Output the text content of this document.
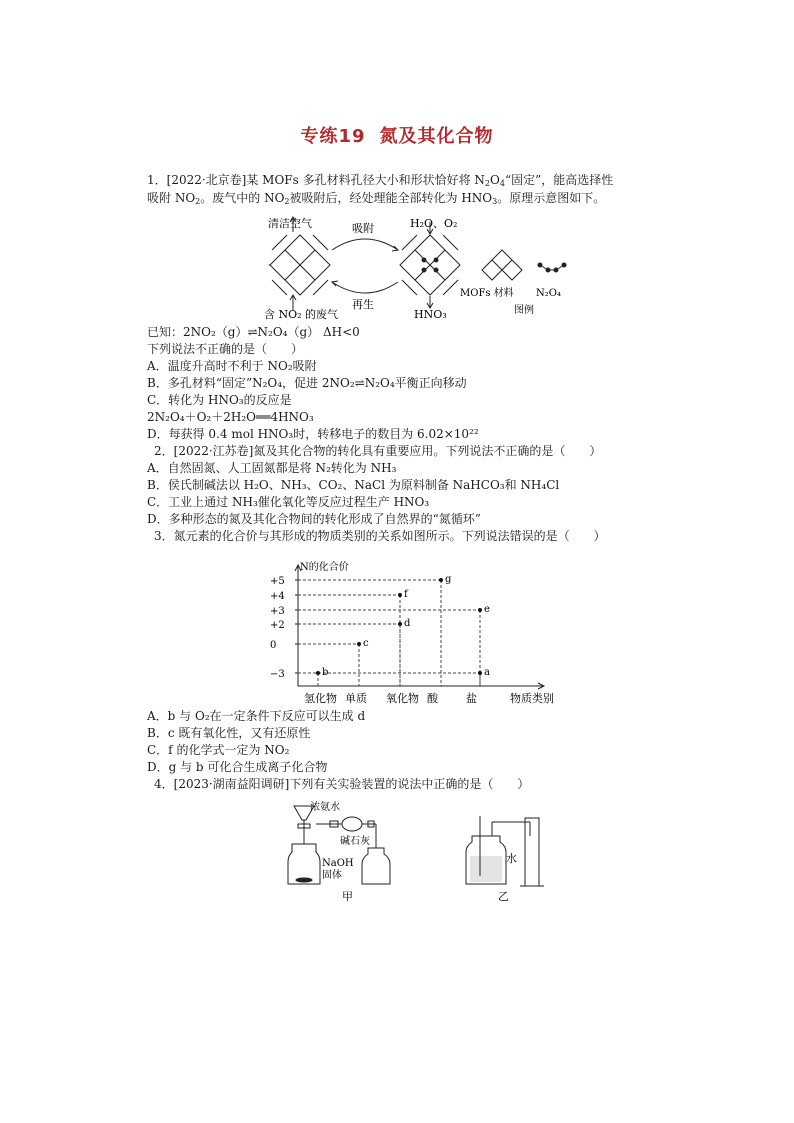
专练19 氮及其化合物
1．[2022·北京卷]某 MOFs 多孔材料孔径大小和形状恰好将 $N_2O_4“$固定”，能高选择性
吸附 $NO_2$。废气中的 $NO_2$被吸附后，经处理能全部转化为 $HNO_3$。原理示意图如下。
清洁空气	吸附	H₂O、O₂
再生
含 NO₂ 的废气	HNO₃
MOFs 材料 N₂O₄
图例
已知：2NO₂（g）⇌N₂O₄（g） ΔH<0
下列说法不正确的是（　　）
A．温度升高时不利于 NO₂吸附
B．多孔材料“固定”N₂O₄，促进 2NO₂⇌N₂O₄平衡正向移动
C．转化为 HNO₃的反应是
2N₂O₄＋O₂＋2H₂O══4HNO₃
D．每获得 0.4 mol HNO₃时，转移电子的数目为 6.02×10²²
2．[2022·江苏卷]氮及其化合物的转化具有重要应用。下列说法不正确的是（　　）
A．自然固氮、人工固氮都是将 N₂转化为 NH₃
B．侯氏制碱法以 H₂O、NH₃、CO₂、NaCl 为原料制备 NaHCO₃和 NH₄Cl
C．工业上通过 NH₃催化氧化等反应过程生产 HNO₃
D．多种形态的氮及其化合物间的转化形成了自然界的“氮循环”
3．氮元素的化合价与其形成的物质类别的关系如图所示。下列说法错误的是（　　）
N的化合价
+5
+4
+3
+2
0
−3
氢化物 单质 氧化物 酸	盐
b
c
d
f
g
e
a
物质类别
A．b 与 O₂在一定条件下反应可以生成 d
B．c 既有氧化性，又有还原性
C．f 的化学式一定为 NO₂
D．g 与 b 可化合生成离子化合物
4．[2023·湖南益阳调研]下列有关实验装置的说法中正确的是（　　）
浓氨水
碱石灰
NaOH
固体
甲
水
乙
